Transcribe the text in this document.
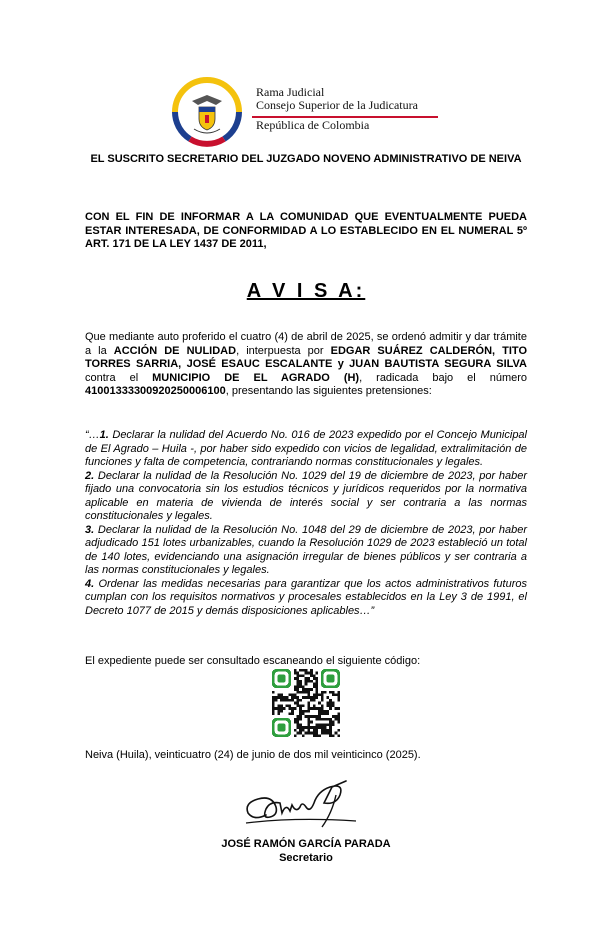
Rama Judicial
Consejo Superior de la Judicatura
República de Colombia
EL SUSCRITO SECRETARIO DEL JUZGADO NOVENO ADMINISTRATIVO DE NEIVA
CON EL FIN DE INFORMAR A LA COMUNIDAD QUE EVENTUALMENTE PUEDA ESTAR INTERESADA, DE CONFORMIDAD A LO ESTABLECIDO EN EL NUMERAL 5º ART. 171 DE LA LEY 1437 DE 2011,
A V I S A:
Que mediante auto proferido el cuatro (4) de abril de 2025, se ordenó admitir y dar trámite a la ACCIÓN DE NULIDAD, interpuesta por EDGAR SUÁREZ CALDERÓN, TITO TORRES SARRIA, JOSÉ ESAUC ESCALANTE y JUAN BAUTISTA SEGURA SILVA contra el MUNICIPIO DE EL AGRADO (H), radicada bajo el número 41001333300920250006100, presentando las siguientes pretensiones:
“…1. Declarar la nulidad del Acuerdo No. 016 de 2023 expedido por el Concejo Municipal de El Agrado – Huila -, por haber sido expedido con vicios de legalidad, extralimitación de funciones y falta de competencia, contrariando normas constitucionales y legales.
2. Declarar la nulidad de la Resolución No. 1029 del 19 de diciembre de 2023, por haber fijado una convocatoria sin los estudios técnicos y jurídicos requeridos por la normativa aplicable en materia de vivienda de interés social y ser contraria a las normas constitucionales y legales.
3. Declarar la nulidad de la Resolución No. 1048 del 29 de diciembre de 2023, por haber adjudicado 151 lotes urbanizables, cuando la Resolución 1029 de 2023 estableció un total de 140 lotes, evidenciando una asignación irregular de bienes públicos y ser contraria a las normas constitucionales y legales.
4. Ordenar las medidas necesarias para garantizar que los actos administrativos futuros cumplan con los requisitos normativos y procesales establecidos en la Ley 3 de 1991, el Decreto 1077 de 2015 y demás disposiciones aplicables…”
El expediente puede ser consultado escaneando el siguiente código:
Neiva (Huila), veinticuatro (24) de junio de dos mil veinticinco (2025).
JOSÉ RAMÓN GARCÍA PARADA
Secretario
